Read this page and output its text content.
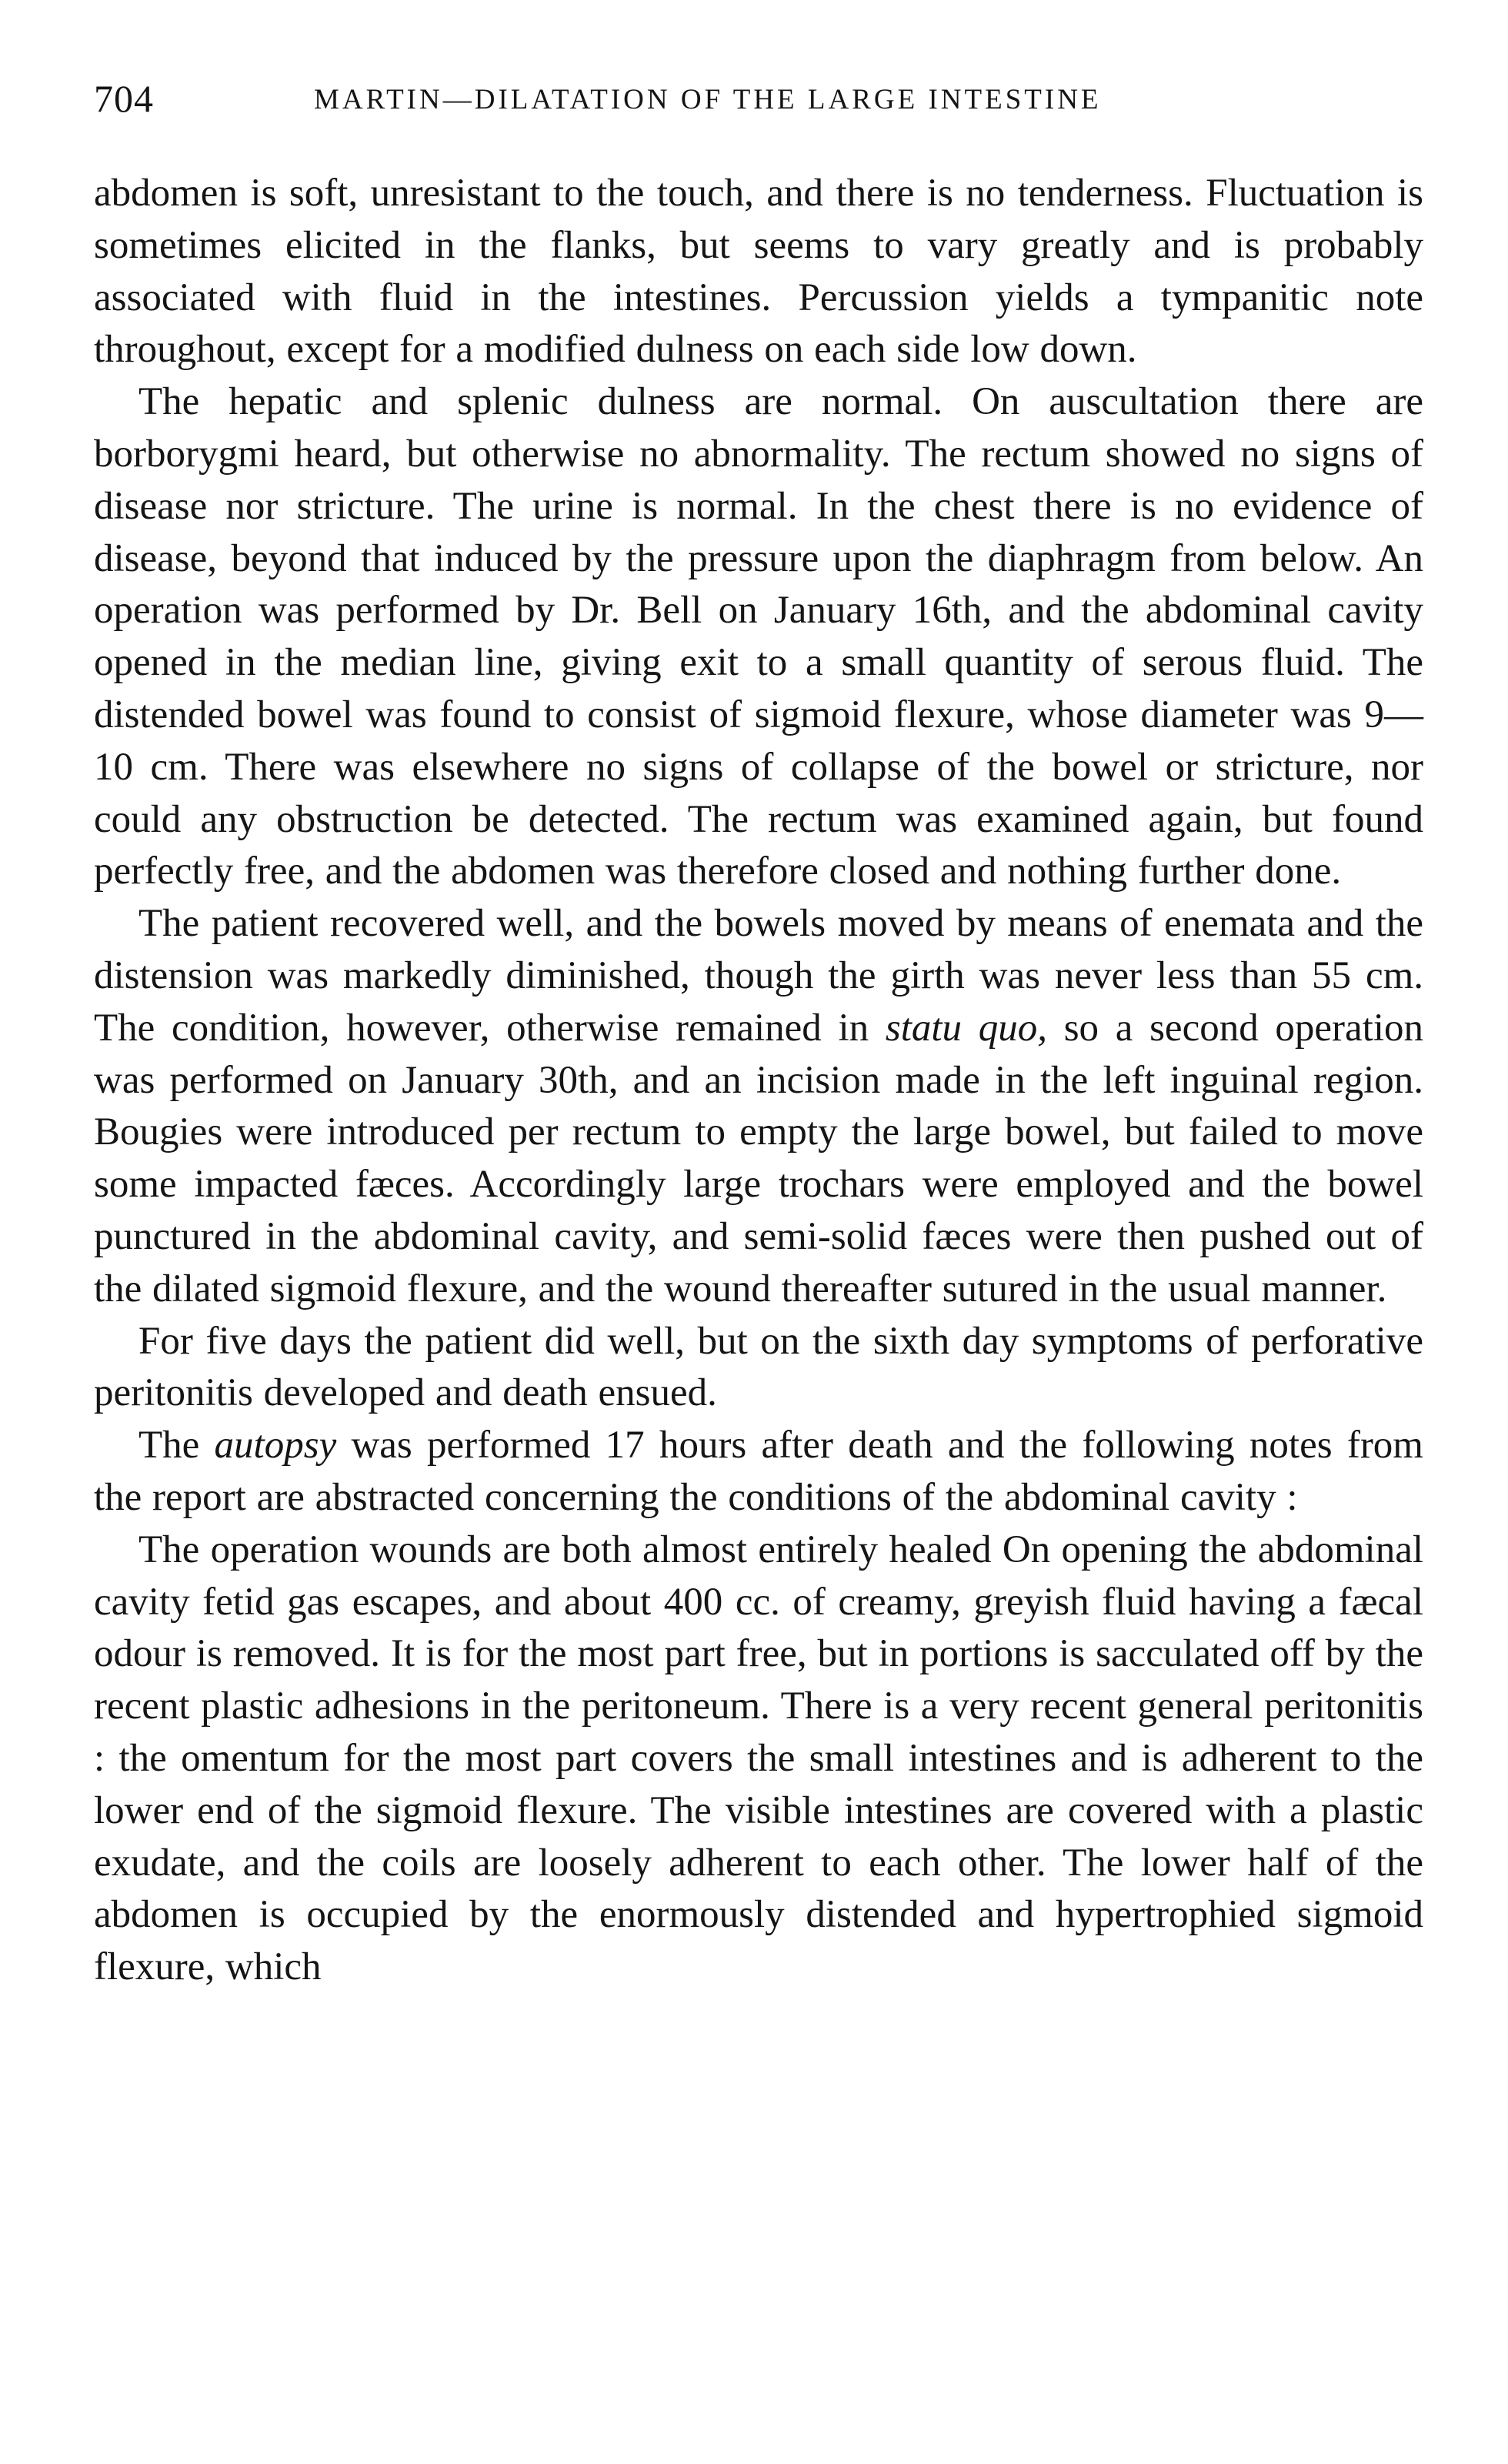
704	MARTIN—DILATATION OF THE LARGE INTESTINE

abdomen is soft, unresistant to the touch, and there is no tenderness. Fluctuation is sometimes elicited in the flanks, but seems to vary greatly and is probably associated with fluid in the intestines. Percussion yields a tympanitic note throughout, except for a modified dulness on each side low down.

The hepatic and splenic dulness are normal. On auscultation there are borborygmi heard, but otherwise no abnormality. The rectum showed no signs of disease nor stricture. The urine is normal. In the chest there is no evidence of disease, beyond that induced by the pressure upon the diaphragm from below. An operation was performed by Dr. Bell on January 16th, and the abdominal cavity opened in the median line, giving exit to a small quantity of serous fluid. The distended bowel was found to consist of sigmoid flexure, whose diameter was 9—10 cm. There was elsewhere no signs of collapse of the bowel or stricture, nor could any obstruction be detected. The rectum was examined again, but found perfectly free, and the abdomen was therefore closed and nothing further done.

The patient recovered well, and the bowels moved by means of enemata and the distension was markedly diminished, though the girth was never less than 55 cm. The condition, however, otherwise remained in statu quo, so a second operation was performed on January 30th, and an incision made in the left inguinal region. Bougies were introduced per rectum to empty the large bowel, but failed to move some impacted fæces. Accordingly large trochars were employed and the bowel punctured in the abdominal cavity, and semi-solid fæces were then pushed out of the dilated sigmoid flexure, and the wound thereafter sutured in the usual manner.

For five days the patient did well, but on the sixth day symptoms of perforative peritonitis developed and death ensued.

The autopsy was performed 17 hours after death and the following notes from the report are abstracted concerning the conditions of the abdominal cavity :

The operation wounds are both almost entirely healed On opening the abdominal cavity fetid gas escapes, and about 400 cc. of creamy, greyish fluid having a fæcal odour is removed. It is for the most part free, but in portions is sacculated off by the recent plastic adhesions in the peritoneum. There is a very recent general peritonitis : the omentum for the most part covers the small intestines and is adherent to the lower end of the sigmoid flexure. The visible intestines are covered with a plastic exudate, and the coils are loosely adherent to each other. The lower half of the abdomen is occupied by the enormously distended and hypertrophied sigmoid flexure, which
